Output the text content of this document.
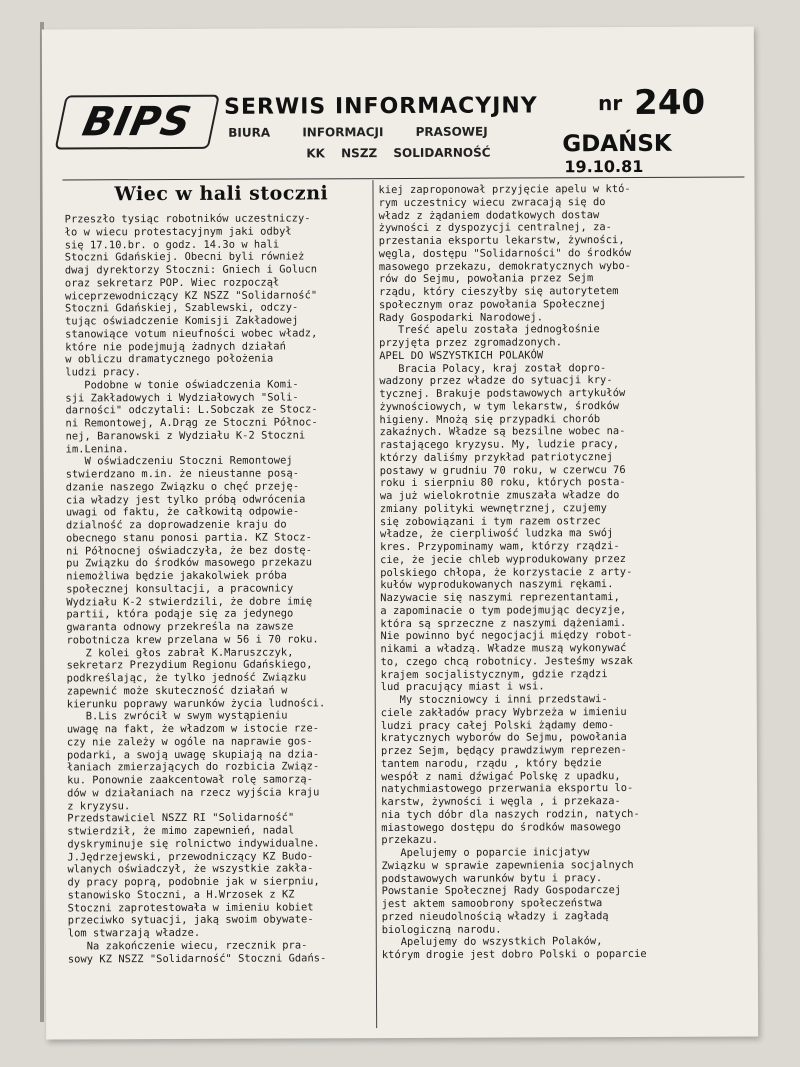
BIPS SERWIS INFORMACYJNY	nr 240
BIURA INFORMACJI PRASOWEJ
KK NSZZ SOLIDARNOŚĆ	GDAŃSK
19.10.81
Wiec w hali stoczni
Przeszło tysiąc robotników uczestniczy-
ło w wiecu protestacyjnym jaki odbył
się 17.10.br. o godz. 14.3o w hali
Stoczni Gdańskiej. Obecni byli również
dwaj dyrektorzy Stoczni: Gniech i Golucn
oraz sekretarz POP. Wiec rozpoczął
wiceprzewodniczący KZ NSZZ "Solidarność"
Stoczni Gdańskiej, Szablewski, odczy-
tując oświadczenie Komisji Zakładowej
stanowiące votum nieufności wobec władz,
które nie podejmują żadnych działań
w obliczu dramatycznego położenia
ludzi pracy.
Podobne w tonie oświadczenia Komi-
sji Zakładowych i Wydziałowych "Soli-
darności" odczytali: L.Sobczak ze Stocz-
ni Remontowej, A.Drąg ze Stoczni Północ-
nej, Baranowski z Wydziału K-2 Stoczni
im.Lenina.
W oświadczeniu Stoczni Remontowej
stwierdzano m.in. że nieustanne posą-
dzanie naszego Związku o chęć przeję-
cia władzy jest tylko próbą odwrócenia
uwagi od faktu, że całkowitą odpowie-
dzialność za doprowadzenie kraju do
obecnego stanu ponosi partia. KZ Stocz-
ni Północnej oświadczyła, że bez dostę-
pu Związku do środków masowego przekazu
niemożliwa będzie jakakolwiek próba
społecznej konsultacji, a pracownicy
Wydziału K-2 stwierdzili, że dobre imię
partii, która podąje się za jedynego
gwaranta odnowy przekreśla na zawsze
robotnicza krew przelana w 56 i 70 roku.
Z kolei głos zabrał K.Maruszczyk,
sekretarz Prezydium Regionu Gdańskiego,
podkreślając, że tylko jedność Związku
zapewnić może skuteczność działań w
kierunku poprawy warunków życia ludności.
B.Lis zwrócił w swym wystąpieniu
uwagę na fakt, że władzom w istocie rze-
czy nie zależy w ogóle na naprawie gos-
podarki, a swoją uwagę skupiają na dzia-
łaniach zmierzających do rozbicia Związ-
ku. Ponownie zaakcentował rolę samorzą-
dów w działaniach na rzecz wyjścia kraju
z kryzysu.
Przedstawiciel NSZZ RI "Solidarność"
stwierdził, że mimo zapewnień, nadal
dyskryminuje się rolnictwo indywidualne.
J.Jędrzejewski, przewodniczący KZ Budo-
wlanych oświadczył, że wszystkie zakła-
dy pracy poprą, podobnie jak w sierpniu,
stanowisko Stoczni, a H.Wrzosek z KZ
Stoczni zaprotestowała w imieniu kobiet
przeciwko sytuacji, jaką swoim obywate-
lom stwarzają władze.
Na zakończenie wiecu, rzecznik pra-
sowy KZ NSZZ "Solidarność" Stoczni Gdańs-
kiej zaproponował przyjęcie apelu w któ-
rym uczestnicy wiecu zwracają się do
władz z żądaniem dodatkowych dostaw
żywności z dyspozycji centralnej, za-
przestania eksportu lekarstw, żywności,
węgla, dostępu "Solidarności" do środków
masowego przekazu, demokratycznych wybo-
rów do Sejmu, powołania przez Sejm
rządu, który cieszyłby się autorytetem
społecznym oraz powołania Społecznej
Rady Gospodarki Narodowej.
Treść apelu została jednogłośnie
przyjęta przez zgromadzonych.
APEL DO WSZYSTKICH POLAKÓW
Bracia Polacy, kraj został dopro-
wadzony przez władze do sytuacji kry-
tycznej. Brakuje podstawowych artykułów
żywnościowych, w tym lekarstw, środków
higieny. Mnożą się przypadki chorób
zakaźnych. Władze są bezsilne wobec na-
rastającego kryzysu. My, ludzie pracy,
którzy daliśmy przykład patriotycznej
postawy w grudniu 70 roku, w czerwcu 76
roku i sierpniu 80 roku, których posta-
wa już wielokrotnie zmuszała władze do
zmiany polityki wewnętrznej, czujemy
się zobowiązani i tym razem ostrzec
władze, że cierpliwość ludzka ma swój
kres. Przypominamy wam, którzy rządzi-
cie, że jecie chleb wyprodukowany przez
polskiego chłopa, że korzystacie z arty-
kułów wyprodukowanych naszymi rękami.
Nazywacie się naszymi reprezentantami,
a zapominacie o tym podejmując decyzje,
która są sprzeczne z naszymi dążeniami.
Nie powinno być negocjacji między robot-
nikami a władzą. Władze muszą wykonywać
to, czego chcą robotnicy. Jesteśmy wszak
krajem socjalistycznym, gdzie rządzi
lud pracujący miast i wsi.
My stoczniowcy i inni przedstawi-
ciele zakładów pracy Wybrzeża w imieniu
ludzi pracy całej Polski żądamy demo-
kratycznych wyborów do Sejmu, powołania
przez Sejm, będący prawdziwym reprezen-
tantem narodu, rządu , który będzie
wespół z nami dźwigać Polskę z upadku,
natychmiastowego przerwania eksportu lo-
karstw, żywności i węgla , i przekaza-
nia tych dóbr dla naszych rodzin, natych-
miastowego dostępu do środków masowego
przekazu.
Apelujemy o poparcie inicjatyw
Związku w sprawie zapewnienia socjalnych
podstawowych warunków bytu i pracy.
Powstanie Społecznej Rady Gospodarczej
jest aktem samoobrony społeczeństwa
przed nieudolnością władzy i zagładą
biologiczną narodu.
Apelujemy do wszystkich Polaków,
którym drogie jest dobro Polski o poparcie
